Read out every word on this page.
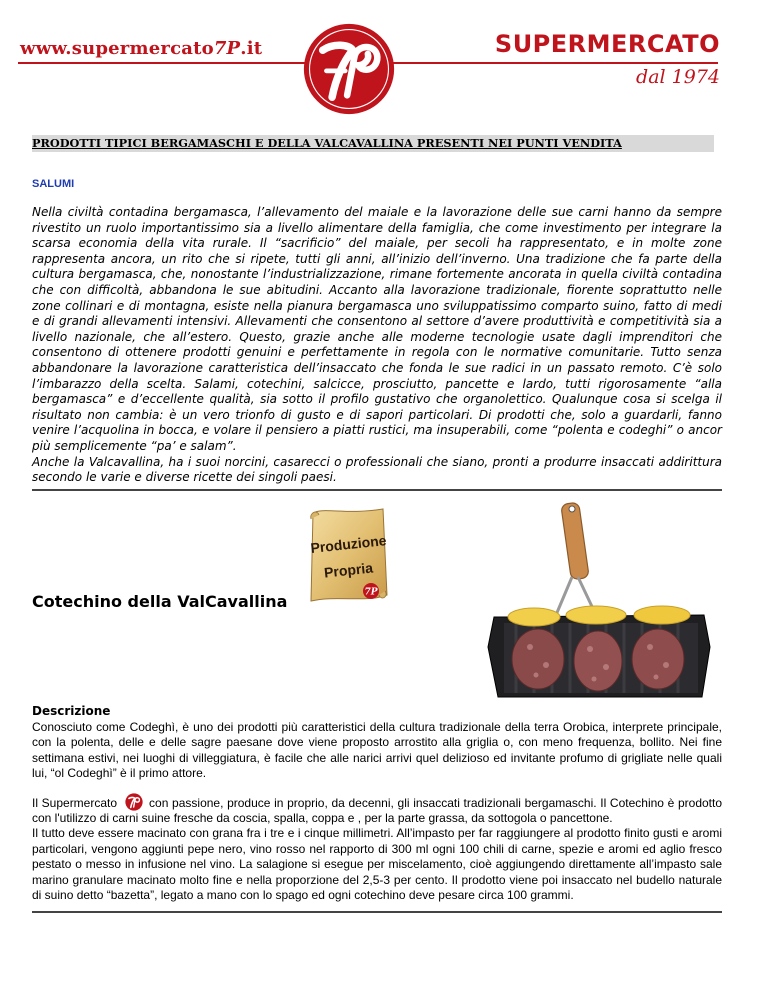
www.supermercato7P.it	SUPERMERCATO
dal 1974
PRODOTTI TIPICI BERGAMASCHI E DELLA VALCAVALLINA PRESENTI NEI PUNTI VENDITA
SALUMI

Nella civiltà contadina bergamasca, l’allevamento del maiale e la lavorazione delle sue carni hanno da sempre rivestito un ruolo importantissimo sia a livello alimentare della famiglia, che come investimento per integrare la scarsa economia della vita rurale. Il “sacrificio” del maiale, per secoli ha rappresentato, e in molte zone rappresenta ancora, un rito che si ripete, tutti gli anni, all’inizio dell’inverno. Una tradizione che fa parte della cultura bergamasca, che, nonostante l’industrializzazione, rimane fortemente ancorata in quella civiltà contadina che con difficoltà, abbandona le sue abitudini. Accanto alla lavorazione tradizionale, fiorente soprattutto nelle zone collinari e di montagna, esiste nella pianura bergamasca uno sviluppatissimo comparto suino, fatto di medi e di grandi allevamenti intensivi. Allevamenti che consentono al settore d’avere produttività e competitività sia a livello nazionale, che all’estero. Questo, grazie anche alle moderne tecnologie usate dagli imprenditori che consentono di ottenere prodotti genuini e perfettamente in regola con le normative comunitarie. Tutto senza abbandonare la lavorazione caratteristica dell’insaccato che fonda le sue radici in un passato remoto. C’è solo l’imbarazzo della scelta. Salami, cotechini, salcicce, prosciutto, pancette e lardo, tutti rigorosamente “alla bergamasca” e d’eccellente qualità, sia sotto il profilo gustativo che organolettico. Qualunque cosa si scelga il risultato non cambia: è un vero trionfo di gusto e di sapori particolari. Di prodotti che, solo a guardarli, fanno venire l’acquolina in bocca, e volare il pensiero a piatti rustici, ma insuperabili, come “polenta e codeghi” o ancor più semplicemente “pa’ e salam”.

Anche la Valcavallina, ha i suoi norcini, casarecci o professionali che siano, pronti a produrre insaccati addirittura secondo le varie e diverse ricette dei singoli paesi.

Produzione
Propria
7P
Cotechino della ValCavallina
Descrizione

Conosciuto come Codeghì, è uno dei prodotti più caratteristici della cultura tradizionale della terra Orobica, interprete principale, con la polenta, delle e delle sagre paesane dove viene proposto arrostito alla griglia o, con meno frequenza, bollito. Nei fine settimana estivi, nei luoghi di villeggiatura, è facile che alle narici arrivi quel delizioso ed invitante profumo di grigliate nelle quali lui, “ol Codeghì” è il primo attore.

Il Supermercato	con passione, produce in proprio, da decenni, gli insaccati tradizionali bergamaschi. Il Cotechino è prodotto con l'utilizzo di carni suine fresche da coscia, spalla, coppa e , per la parte grassa, da sottogola o pancettone.

Il tutto deve essere macinato con grana fra i tre e i cinque millimetri. All’impasto per far raggiungere al prodotto finito gusti e aromi particolari, vengono aggiunti pepe nero, vino rosso nel rapporto di 300 ml ogni 100 chili di carne, spezie e aromi ed aglio fresco pestato o messo in infusione nel vino. La salagione si esegue per miscelamento, cioè aggiungendo direttamente all’impasto sale marino granulare macinato molto fine e nella proporzione del 2,5-3 per cento. Il prodotto viene poi insaccato nel budello naturale di suino detto “bazetta”, legato a mano con lo spago ed ogni cotechino deve pesare circa 100 grammi.
